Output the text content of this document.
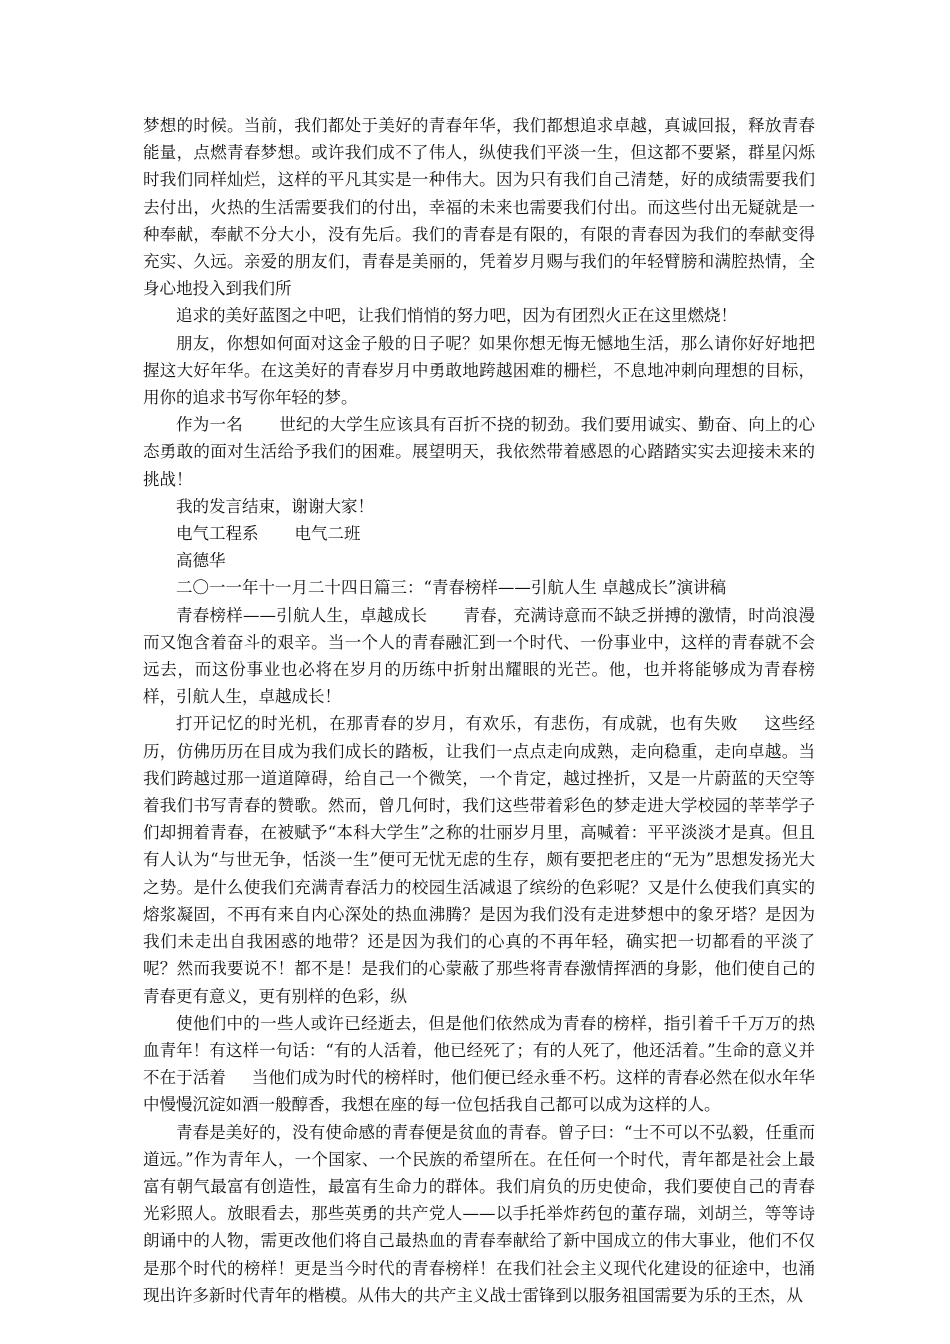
梦想的时候。当前，我们都处于美好的青春年华，我们都想追求卓越，真诚回报，释放青春能量，点燃青春梦想。或许我们成不了伟人，纵使我们平淡一生，但这都不要紧，群星闪烁时我们同样灿烂，这样的平凡其实是一种伟大。因为只有我们自己清楚，好的成绩需要我们去付出，火热的生活需要我们的付出，幸福的未来也需要我们付出。而这些付出无疑就是一种奉献，奉献不分大小，没有先后。我们的青春是有限的，有限的青春因为我们的奉献变得充实、久远。亲爱的朋友们，青春是美丽的，凭着岁月赐与我们的年轻臂膀和满腔热情，全身心地投入到我们所

追求的美好蓝图之中吧，让我们悄悄的努力吧，因为有团烈火正在这里燃烧！

朋友，你想如何面对这金子般的日子呢？如果你想无悔无憾地生活，那么请你好好地把握这大好年华。在这美好的青春岁月中勇敢地跨越困难的栅栏，不息地冲刺向理想的目标，用你的追求书写你年轻的梦。

作为一名 世纪的大学生应该具有百折不挠的韧劲。我们要用诚实、勤奋、向上的心态勇敢的面对生活给予我们的困难。展望明天，我依然带着感恩的心踏踏实实去迎接未来的挑战！

我的发言结束，谢谢大家！

电气工程系 电气二班

高德华

二〇一一年十一月二十四日篇三：“青春榜样——引航人生 卓越成长”演讲稿

青春榜样——引航人生，卓越成长 青春，充满诗意而不缺乏拼搏的激情，时尚浪漫而又饱含着奋斗的艰辛。当一个人的青春融汇到一个时代、一份事业中，这样的青春就不会远去，而这份事业也必将在岁月的历练中折射出耀眼的光芒。他，也并将能够成为青春榜样，引航人生，卓越成长！

打开记忆的时光机，在那青春的岁月，有欢乐，有悲伤，有成就，也有失败 这些经历，仿佛历历在目成为我们成长的踏板，让我们一点点走向成熟，走向稳重，走向卓越。当我们跨越过那一道道障碍，给自己一个微笑，一个肯定，越过挫折，又是一片蔚蓝的天空等着我们书写青春的赞歌。然而，曾几何时，我们这些带着彩色的梦走进大学校园的莘莘学子们却拥着青春，在被赋予“本科大学生”之称的壮丽岁月里，高喊着：平平淡淡才是真。但且有人认为“与世无争，恬淡一生”便可无忧无虑的生存，颇有要把老庄的“无为”思想发扬光大之势。是什么使我们充满青春活力的校园生活减退了缤纷的色彩呢？又是什么使我们真实的熔浆凝固，不再有来自内心深处的热血沸腾？是因为我们没有走进梦想中的象牙塔？是因为我们未走出自我困惑的地带？还是因为我们的心真的不再年轻，确实把一切都看的平淡了呢？然而我要说不！都不是！是我们的心蒙蔽了那些将青春激情挥洒的身影，他们使自己的青春更有意义，更有别样的色彩，纵

使他们中的一些人或许已经逝去，但是他们依然成为青春的榜样，指引着千千万万的热血青年！有这样一句话：“有的人活着，他已经死了；有的人死了，他还活着。”生命的意义并不在于活着 当他们成为时代的榜样时，他们便已经永垂不朽。这样的青春必然在似水年华中慢慢沉淀如酒一般醇香，我想在座的每一位包括我自己都可以成为这样的人。

青春是美好的，没有使命感的青春便是贫血的青春。曾子曰：“士不可以不弘毅，任重而道远。”作为青年人，一个国家、一个民族的希望所在。在任何一个时代，青年都是社会上最富有朝气最富有创造性，最富有生命力的群体。我们肩负的历史使命，我们要使自己的青春光彩照人。放眼看去，那些英勇的共产党人——以手托举炸药包的董存瑞，刘胡兰，等等诗朗诵中的人物，需更改他们将自己最热血的青春奉献给了新中国成立的伟大事业，他们不仅是那个时代的榜样！更是当今时代的青春榜样！在我们社会主义现代化建设的征途中，也涌现出许多新时代青年的楷模。从伟大的共产主义战士雷锋到以服务祖国需要为乐的王杰，从
